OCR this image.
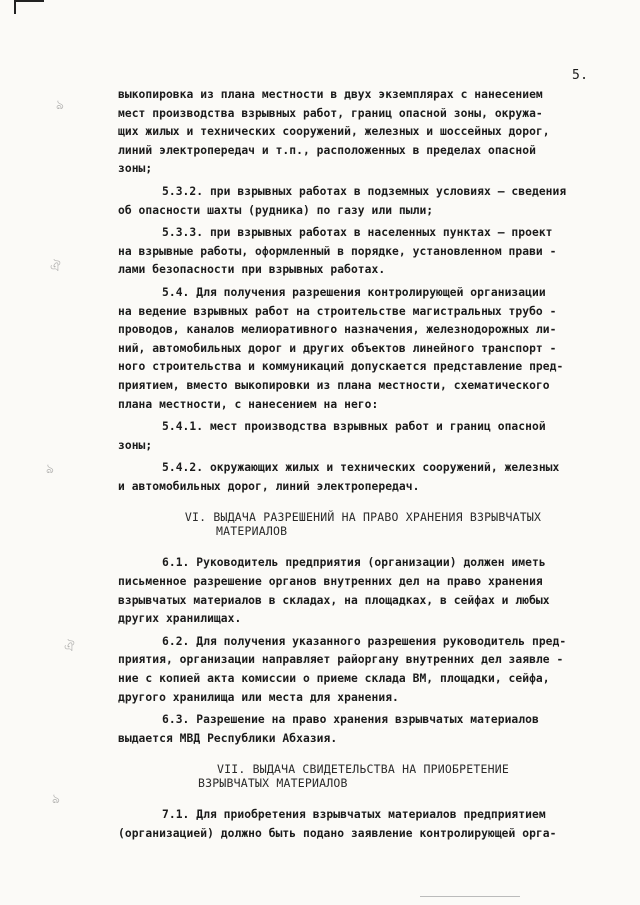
5.
ঌ
ঐ
ঌ
ঐ
ঌ
выкопировка из плана местности в двух экземплярах с нанесением
мест производства взрывных работ, границ опасной зоны, окружа-
щих жилых и технических сооружений, железных и шоссейных дорог,
линий электропередач и т.п., расположенных в пределах опасной
зоны;
5.3.2. при взрывных работах в подземных условиях – сведения
об опасности шахты (рудника) по газу или пыли;
5.3.3. при взрывных работах в населенных пунктах – проект
на взрывные работы, оформленный в порядке, установленном прави -
лами безопасности при взрывных работах.
5.4. Для получения разрешения контролирующей организации
на ведение взрывных работ на строительстве магистральных трубо -
проводов, каналов мелиоративного назначения, железнодорожных ли-
ний, автомобильных дорог и других объектов линейного транспорт -
ного строительства и коммуникаций допускается представление пред-
приятием, вместо выкопировки из плана местности, схематического
плана местности, с нанесением на него:
5.4.1. мест производства взрывных работ и границ опасной
зоны;
5.4.2. окружающих жилых и технических сооружений, железных
и автомобильных дорог, линий электропередач.
VI. ВЫДАЧА РАЗРЕШЕНИЙ НА ПРАВО ХРАНЕНИЯ ВЗРЫВЧАТЫХ
МАТЕРИАЛОВ
6.1. Руководитель предприятия (организации) должен иметь
письменное разрешение органов внутренних дел на право хранения
взрывчатых материалов в складах, на площадках, в сейфах и любых
других хранилищах.
6.2. Для получения указанного разрешения руководитель пред-
приятия, организации направляет райоргану внутренних дел заявле -
ние с копией акта комиссии о приеме склада ВМ, площадки, сейфа,
другого хранилища или места для хранения.
6.3. Разрешение на право хранения взрывчатых материалов
выдается МВД Республики Абхазия.
VII. ВЫДАЧА СВИДЕТЕЛЬСТВА НА ПРИОБРЕТЕНИЕ
ВЗРЫВЧАТЫХ МАТЕРИАЛОВ
7.1. Для приобретения взрывчатых материалов предприятием
(организацией) должно быть подано заявление контролирующей орга-
